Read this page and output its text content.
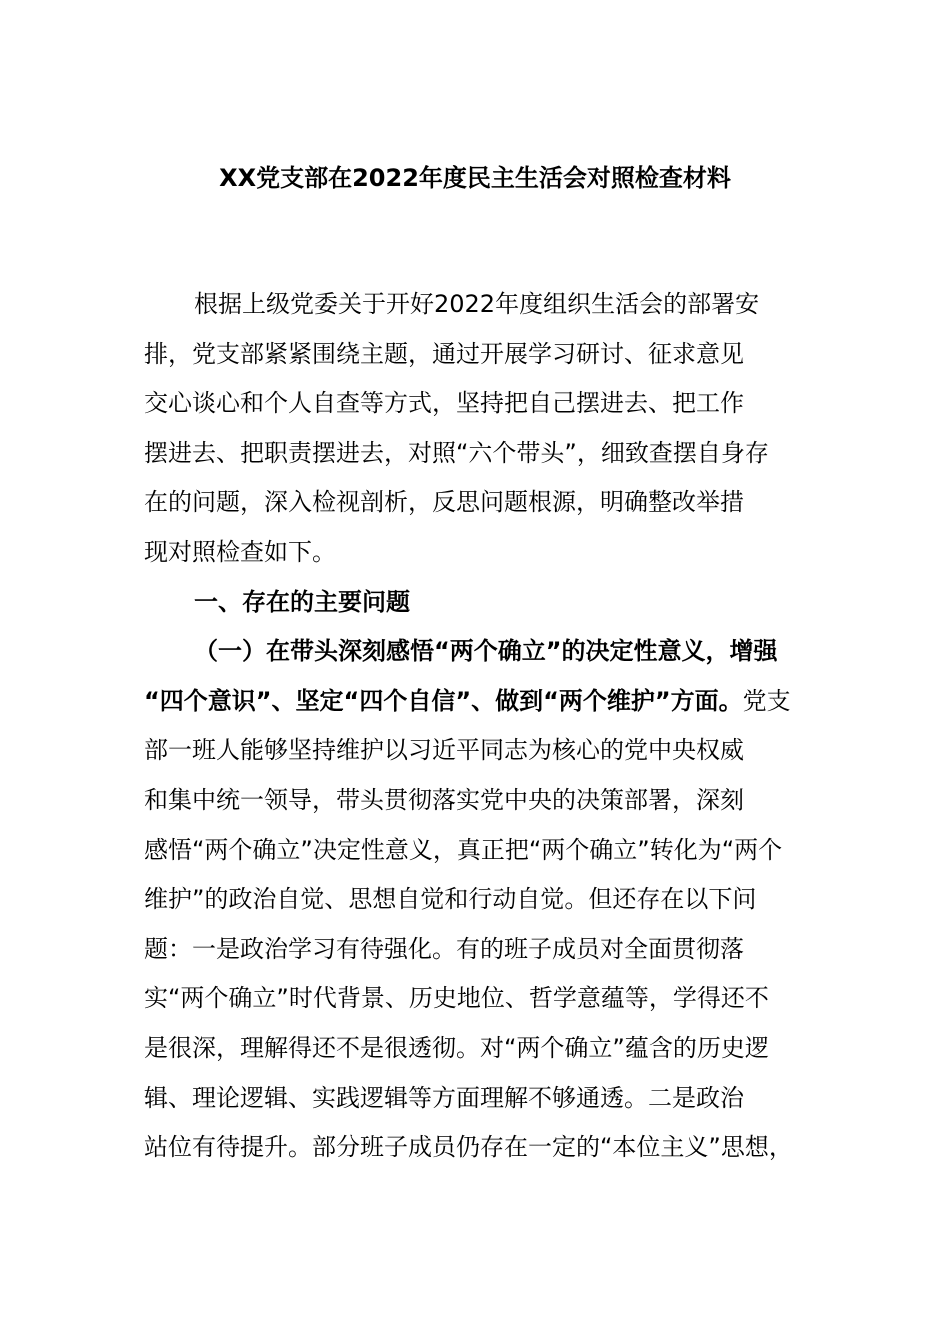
XX党支部在2022年度民主生活会对照检查材料
根据上级党委关于开好2022年度组织生活会的部署安
排，党支部紧紧围绕主题，通过开展学习研讨、征求意见
交心谈心和个人自查等方式，坚持把自己摆进去、把工作
摆进去、把职责摆进去，对照“六个带头”，细致查摆自身存
在的问题，深入检视剖析，反思问题根源，明确整改举措
现对照检查如下。
一、存在的主要问题
（一）在带头深刻感悟“两个确立”的决定性意义，增强
“四个意识”、坚定“四个自信”、做到“两个维护”方面。党支
部一班人能够坚持维护以习近平同志为核心的党中央权威
和集中统一领导，带头贯彻落实党中央的决策部署，深刻
感悟“两个确立”决定性意义，真正把“两个确立”转化为“两个
维护”的政治自觉、思想自觉和行动自觉。但还存在以下问
题：一是政治学习有待强化。有的班子成员对全面贯彻落
实“两个确立”时代背景、历史地位、哲学意蕴等，学得还不
是很深，理解得还不是很透彻。对“两个确立”蕴含的历史逻
辑、理论逻辑、实践逻辑等方面理解不够通透。二是政治
站位有待提升。部分班子成员仍存在一定的“本位主义”思想，
